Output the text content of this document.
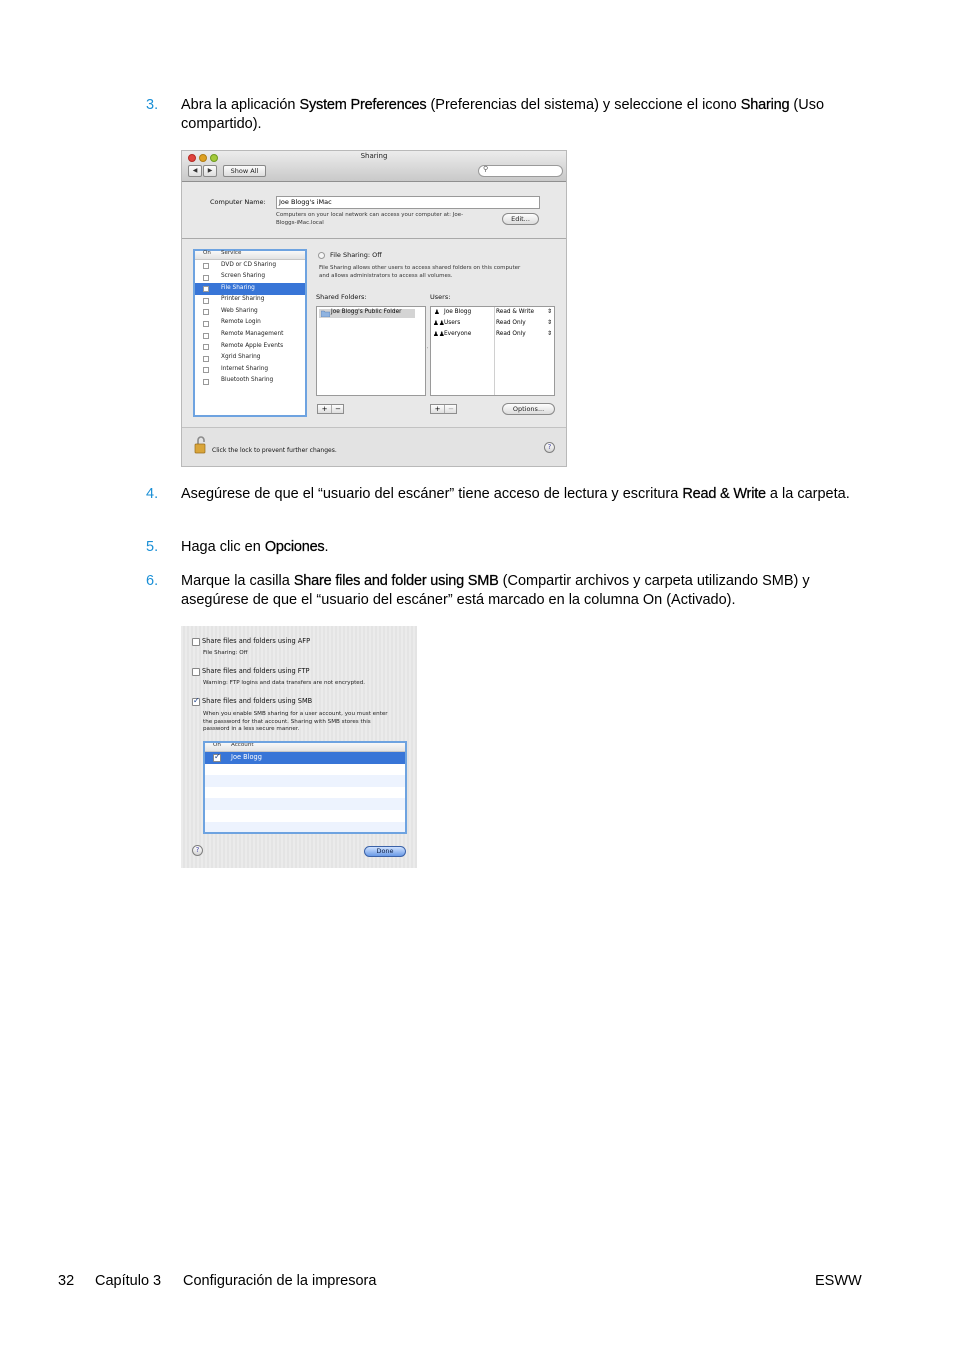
3. Abra la aplicación System Preferences (Preferencias del sistema) y seleccione el icono Sharing (Uso compartido).
Sharing
◀	▶	Show All	⚲
Computer Name:	Joe Blogg's iMac
Computers on your local network can access your computer at: Joe-
Bloggs-iMac.local	Edit...
On Service
DVD or CD Sharing
Screen Sharing
File Sharing
Printer Sharing
Web Sharing
Remote Login
Remote Management
Remote Apple Events
Xgrid Sharing
Internet Sharing
Bluetooth Sharing
File Sharing: Off
File Sharing allows other users to access shared folders on this computer
and allows administrators to access all volumes.
Shared Folders:	Users:
Joe Blogg's Public Folder
˙
♟ Joe Blogg	Read & Write ⇕
♟♟ Users	Read Only	⇕
♟♟ Everyone	Read Only	⇕
+	−	+	−	Options...
Click the lock to prevent further changes.	?
4. Asegúrese de que el “usuario del escáner” tiene acceso de lectura y escritura Read & Write a la carpeta.
5. Haga clic en Opciones.
6. Marque la casilla Share files and folder using SMB (Compartir archivos y carpeta utilizando SMB) y asegúrese de que el “usuario del escáner” está marcado en la columna On (Activado).
Share files and folders using AFP
File Sharing: Off
Share files and folders using FTP
Warning: FTP logins and data transfers are not encrypted.
✓
Share files and folders using SMB
When you enable SMB sharing for a user account, you must enter
the password for that account. Sharing with SMB stores this
password in a less secure manner.
On Account
✓
Joe Blogg
?	Done
32 Capítulo 3 Configuración de la impresora	ESWW
